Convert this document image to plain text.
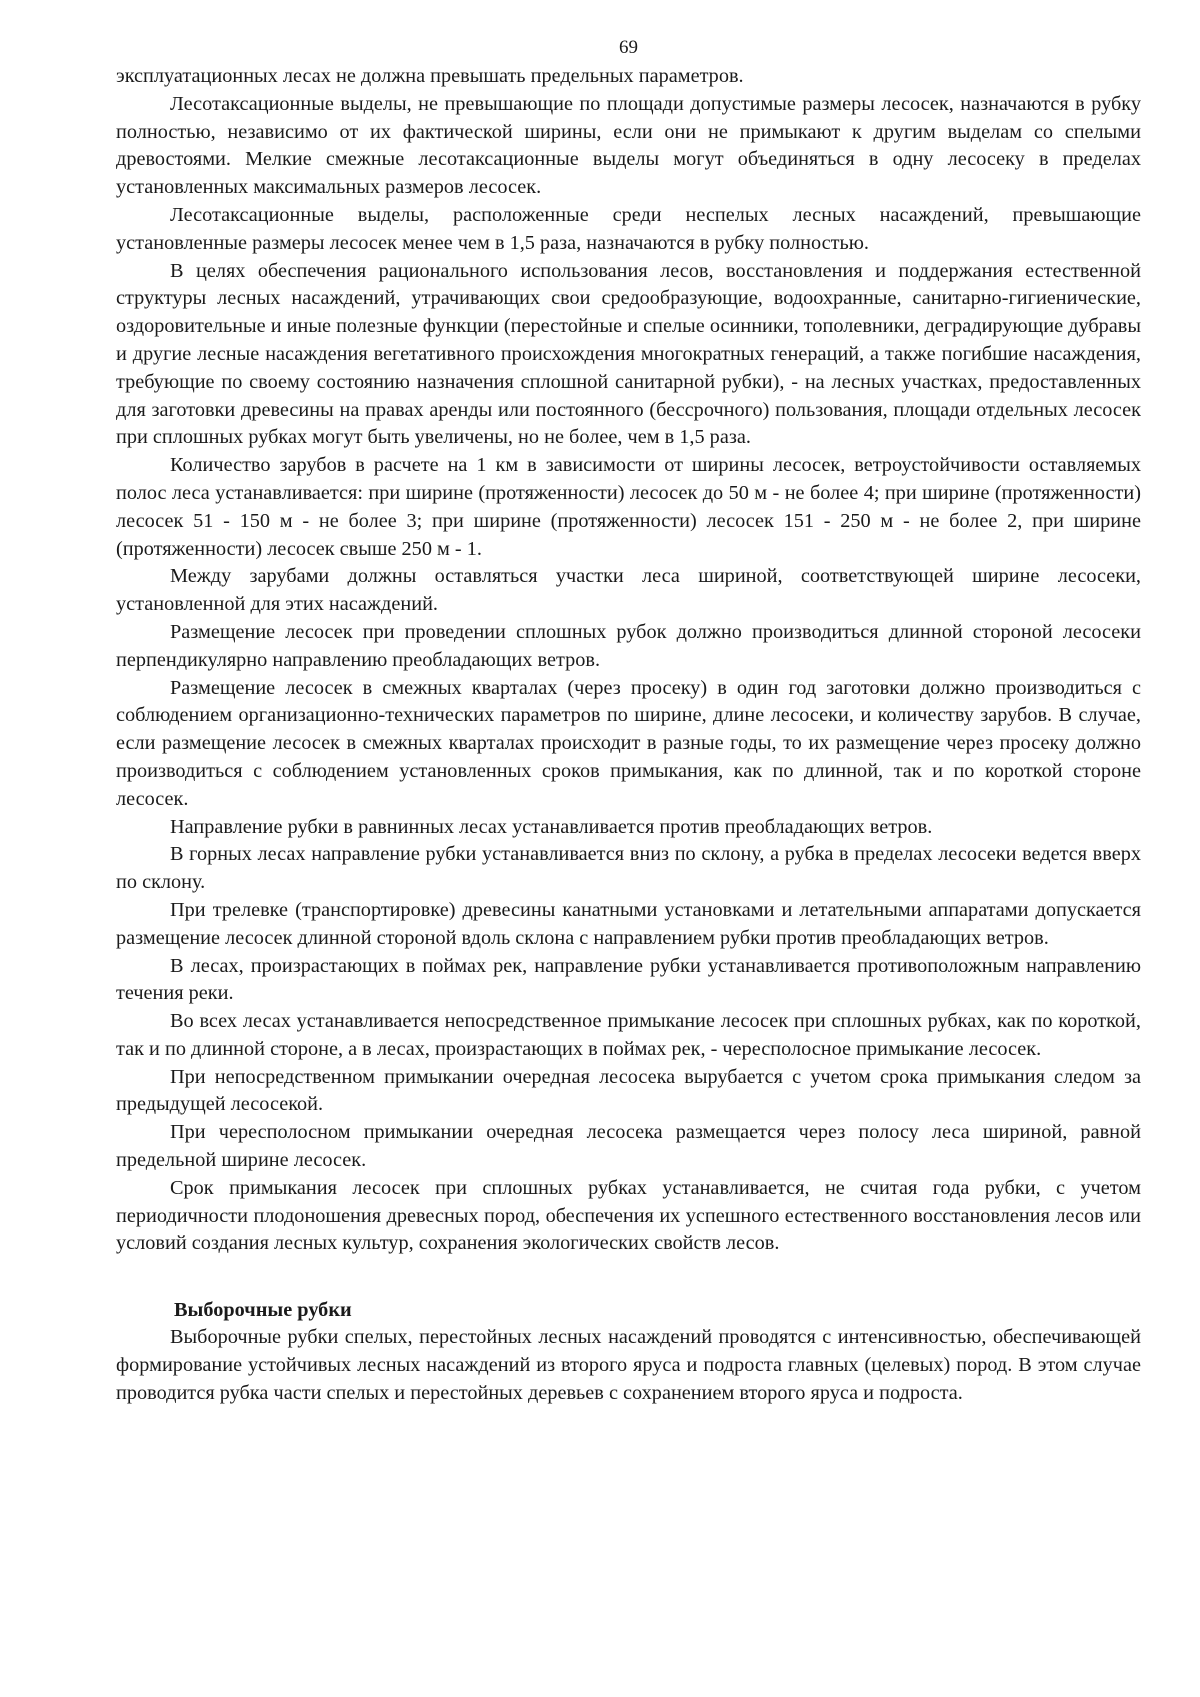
69

эксплуатационных лесах не должна превышать предельных параметров.

Лесотаксационные выделы, не превышающие по площади допустимые размеры лесосек, назначаются в рубку полностью, независимо от их фактической ширины, если они не примыкают к другим выделам со спелыми древостоями. Мелкие смежные лесотаксационные выделы могут объединяться в одну лесосеку в пределах установленных максимальных размеров лесосек.

Лесотаксационные выделы, расположенные среди неспелых лесных насаждений, превышающие установленные размеры лесосек менее чем в 1,5 раза, назначаются в рубку полностью.

В целях обеспечения рационального использования лесов, восстановления и поддержания естественной структуры лесных насаждений, утрачивающих свои средообразующие, водоохранные, санитарно-гигиенические, оздоровительные и иные полезные функции (перестойные и спелые осинники, тополевники, деградирующие дубравы и другие лесные насаждения вегетативного происхождения многократных генераций, а также погибшие насаждения, требующие по своему состоянию назначения сплошной санитарной рубки), - на лесных участках, предоставленных для заготовки древесины на правах аренды или постоянного (бессрочного) пользования, площади отдельных лесосек при сплошных рубках могут быть увеличены, но не более, чем в 1,5 раза.

Количество зарубов в расчете на 1 км в зависимости от ширины лесосек, ветроустойчивости оставляемых полос леса устанавливается: при ширине (протяженности) лесосек до 50 м - не более 4; при ширине (протяженности) лесосек 51 - 150 м - не более 3; при ширине (протяженности) лесосек 151 - 250 м - не более 2, при ширине (протяженности) лесосек свыше 250 м - 1.

Между зарубами должны оставляться участки леса шириной, соответствующей ширине лесосеки, установленной для этих насаждений.

Размещение лесосек при проведении сплошных рубок должно производиться длинной стороной лесосеки перпендикулярно направлению преобладающих ветров.

Размещение лесосек в смежных кварталах (через просеку) в один год заготовки должно производиться с соблюдением организационно-технических параметров по ширине, длине лесосеки, и количеству зарубов. В случае, если размещение лесосек в смежных кварталах происходит в разные годы, то их размещение через просеку должно производиться с соблюдением установленных сроков примыкания, как по длинной, так и по короткой стороне лесосек.

Направление рубки в равнинных лесах устанавливается против преобладающих ветров.

В горных лесах направление рубки устанавливается вниз по склону, а рубка в пределах лесосеки ведется вверх по склону.

При трелевке (транспортировке) древесины канатными установками и летательными аппаратами допускается размещение лесосек длинной стороной вдоль склона с направлением рубки против преобладающих ветров.

В лесах, произрастающих в поймах рек, направление рубки устанавливается противоположным направлению течения реки.

Во всех лесах устанавливается непосредственное примыкание лесосек при сплошных рубках, как по короткой, так и по длинной стороне, а в лесах, произрастающих в поймах рек, - чересполосное примыкание лесосек.

При непосредственном примыкании очередная лесосека вырубается с учетом срока примыкания следом за предыдущей лесосекой.

При чересполосном примыкании очередная лесосека размещается через полосу леса шириной, равной предельной ширине лесосек.

Срок примыкания лесосек при сплошных рубках устанавливается, не считая года рубки, с учетом периодичности плодоношения древесных пород, обеспечения их успешного естественного восстановления лесов или условий создания лесных культур, сохранения экологических свойств лесов.

Выборочные рубки

Выборочные рубки спелых, перестойных лесных насаждений проводятся с интенсивностью, обеспечивающей формирование устойчивых лесных насаждений из второго яруса и подроста главных (целевых) пород. В этом случае проводится рубка части спелых и перестойных деревьев с сохранением второго яруса и подроста.
